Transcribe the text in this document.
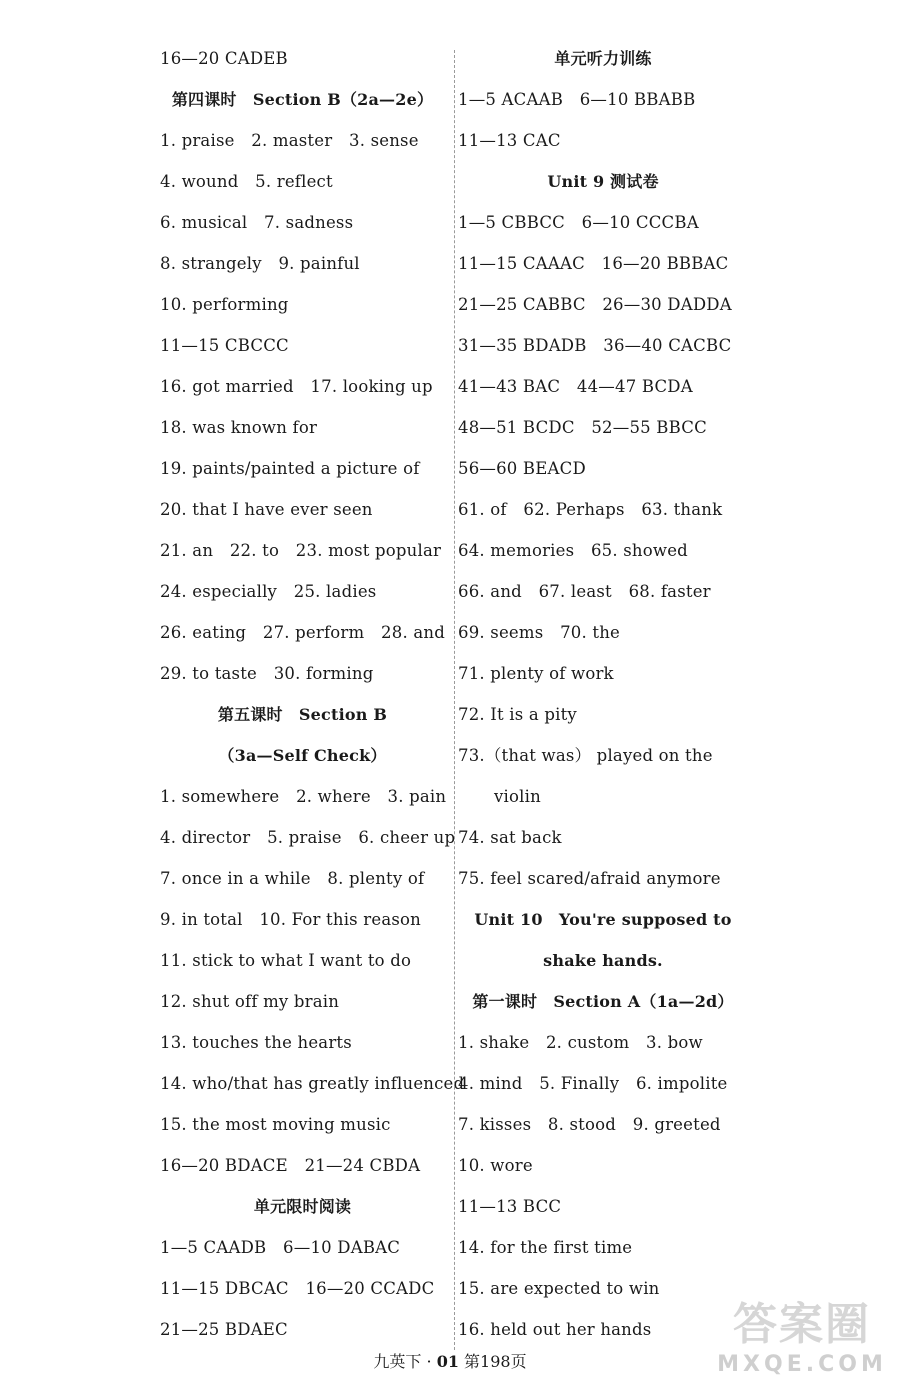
16—20 CADEB
第四课时　Section B（2a—2e）
1. praise　2. master　3. sense
4. wound　5. reflect
6. musical　7. sadness
8. strangely　9. painful
10. performing
11—15 CBCCC
16. got married　17. looking up
18. was known for
19. paints/painted a picture of
20. that I have ever seen
21. an　22. to　23. most popular
24. especially　25. ladies
26. eating　27. perform　28. and
29. to taste　30. forming
第五课时　Section B
（3a—Self Check）
1. somewhere　2. where　3. pain
4. director　5. praise　6. cheer up
7. once in a while　8. plenty of
9. in total　10. For this reason
11. stick to what I want to do
12. shut off my brain
13. touches the hearts
14. who/that has greatly influenced
15. the most moving music
16—20 BDACE　21—24 CBDA
单元限时阅读
1—5 CAADB　6—10 DABAC
11—15 DBCAC　16—20 CCADC
21—25 BDAEC
单元听力训练
1—5 ACAAB　6—10 BBABB
11—13 CAC
Unit 9 测试卷
1—5 CBBCC　6—10 CCCBA
11—15 CAAAC　16—20 BBBAC
21—25 CABBC　26—30 DADDA
31—35 BDADB　36—40 CACBC
41—43 BAC　44—47 BCDA
48—51 BCDC　52—55 BBCC
56—60 BEACD
61. of　62. Perhaps　63. thank
64. memories　65. showed
66. and　67. least　68. faster
69. seems　70. the
71. plenty of work
72. It is a pity
73.（that was） played on the
violin
74. sat back
75. feel scared/afraid anymore
Unit 10　You're supposed to
shake hands.
第一课时　Section A（1a—2d）
1. shake　2. custom　3. bow
4. mind　5. Finally　6. impolite
7. kisses　8. stood　9. greeted
10. wore
11—13 BCC
14. for the first time
15. are expected to win
16. held out her hands
九英下 · 01 第198页
答案圈
MXQE.COM
